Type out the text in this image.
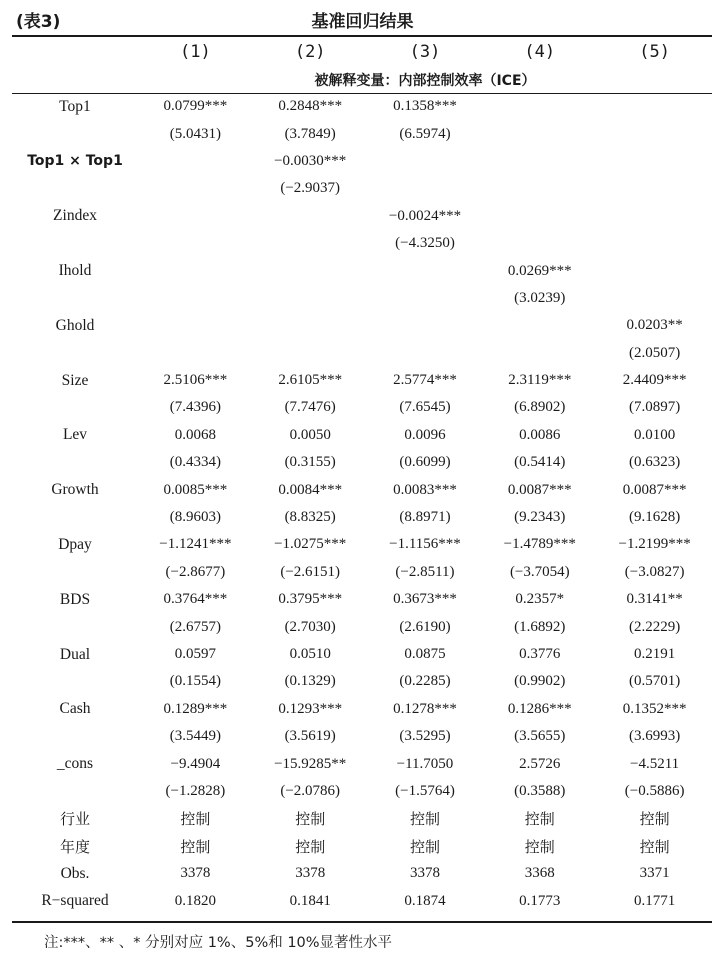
(表3)	基准回归结果
	(1)	(2)	(3)	(4)	(5)
	被解释变量：内部控制效率（ICE）				
Top1	0.0799***	0.2848***	0.1358***		
	(5.0431)	(3.7849)	(6.5974)		
Top1 × Top1		−0.0030***			
		(−2.9037)			
Zindex			−0.0024***		
			(−4.3250)		
Ihold				0.0269***	
				(3.0239)	
Ghold					0.0203**
					(2.0507)
Size	2.5106***	2.6105***	2.5774***	2.3119***	2.4409***
	(7.4396)	(7.7476)	(7.6545)	(6.8902)	(7.0897)
Lev	0.0068	0.0050	0.0096	0.0086	0.0100
	(0.4334)	(0.3155)	(0.6099)	(0.5414)	(0.6323)
Growth	0.0085***	0.0084***	0.0083***	0.0087***	0.0087***
	(8.9603)	(8.8325)	(8.8971)	(9.2343)	(9.1628)
Dpay	−1.1241***	−1.0275***	−1.1156***	−1.4789***	−1.2199***
	(−2.8677)	(−2.6151)	(−2.8511)	(−3.7054)	(−3.0827)
BDS	0.3764***	0.3795***	0.3673***	0.2357*	0.3141**
	(2.6757)	(2.7030)	(2.6190)	(1.6892)	(2.2229)
Dual	0.0597	0.0510	0.0875	0.3776	0.2191
	(0.1554)	(0.1329)	(0.2285)	(0.9902)	(0.5701)
Cash	0.1289***	0.1293***	0.1278***	0.1286***	0.1352***
	(3.5449)	(3.5619)	(3.5295)	(3.5655)	(3.6993)
_cons	−9.4904	−15.9285**	−11.7050	2.5726	−4.5211
	(−1.2828)	(−2.0786)	(−1.5764)	(0.3588)	(−0.5886)
行业	控制	控制	控制	控制	控制
年度	控制	控制	控制	控制	控制
Obs.	3378	3378	3378	3368	3371
R−squared	0.1820	0.1841	0.1874	0.1773	0.1771
注:***、** 、* 分别对应 1%、5%和 10%显著性水平
